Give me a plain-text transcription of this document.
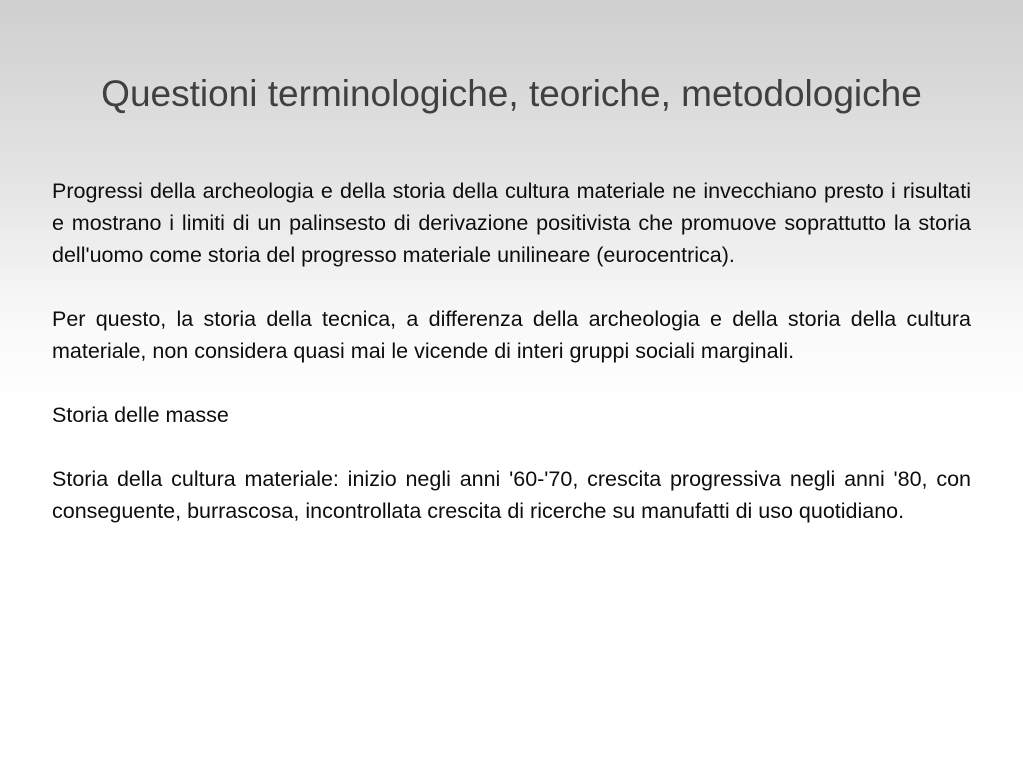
Questioni terminologiche, teoriche, metodologiche

Progressi della archeologia e della storia della cultura materiale ne invecchiano presto i risultati e mostrano i limiti di un palinsesto di derivazione positivista che promuove soprattutto la storia dell'uomo come storia del progresso materiale unilineare (eurocentrica).

Per questo, la storia della tecnica, a differenza della archeologia e della storia della cultura materiale, non considera quasi mai le vicende di interi gruppi sociali marginali.

Storia delle masse

Storia della cultura materiale: inizio negli anni '60-'70, crescita progressiva negli anni '80, con conseguente, burrascosa, incontrollata crescita di ricerche su manufatti di uso quotidiano.
